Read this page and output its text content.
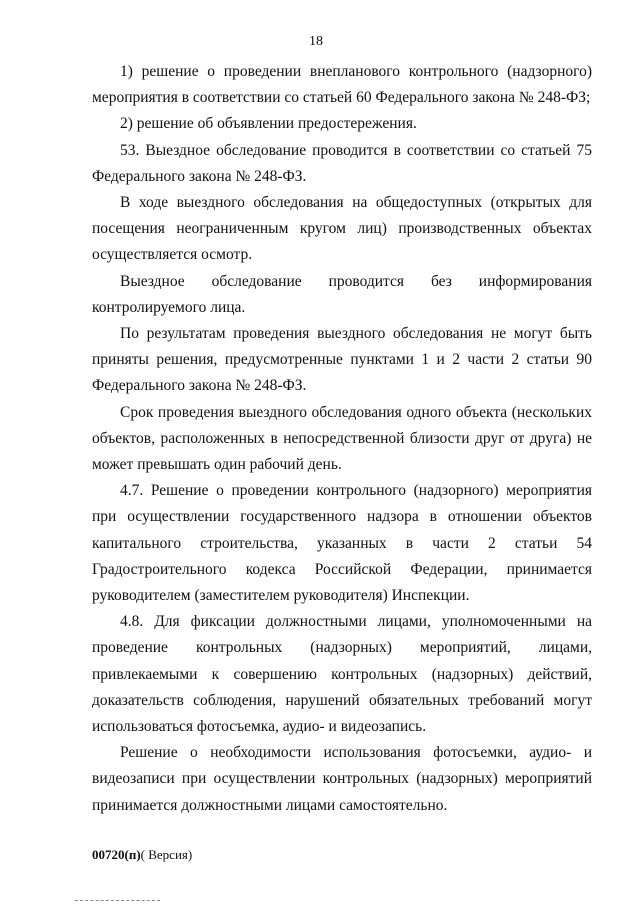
18

1) решение о проведении внепланового контрольного (надзорного) мероприятия в соответствии со статьей 60 Федерального закона № 248-ФЗ;

2) решение об объявлении предостережения.

53. Выездное обследование проводится в соответствии со статьей 75 Федерального закона № 248-ФЗ.

В ходе выездного обследования на общедоступных (открытых для посещения неограниченным кругом лиц) производственных объектах осуществляется осмотр.

Выездное обследование проводится без информирования контролируемого лица.

По результатам проведения выездного обследования не могут быть приняты решения, предусмотренные пунктами 1 и 2 части 2 статьи 90 Федерального закона № 248-ФЗ.

Срок проведения выездного обследования одного объекта (нескольких объектов, расположенных в непосредственной близости друг от друга) не может превышать один рабочий день.

4.7. Решение о проведении контрольного (надзорного) мероприятия при осуществлении государственного надзора в отношении объектов капитального строительства, указанных в части 2 статьи 54 Градостроительного кодекса Российской Федерации, принимается руководителем (заместителем руководителя) Инспекции.

4.8. Для фиксации должностными лицами, уполномоченными на проведение контрольных (надзорных) мероприятий, лицами, привлекаемыми к совершению контрольных (надзорных) действий, доказательств соблюдения, нарушений обязательных требований могут использоваться фотосъемка, аудио- и видеозапись.

Решение о необходимости использования фотосъемки, аудио- и видеозаписи при осуществлении контрольных (надзорных) мероприятий принимается должностными лицами самостоятельно.

00720(п)( Версия)
